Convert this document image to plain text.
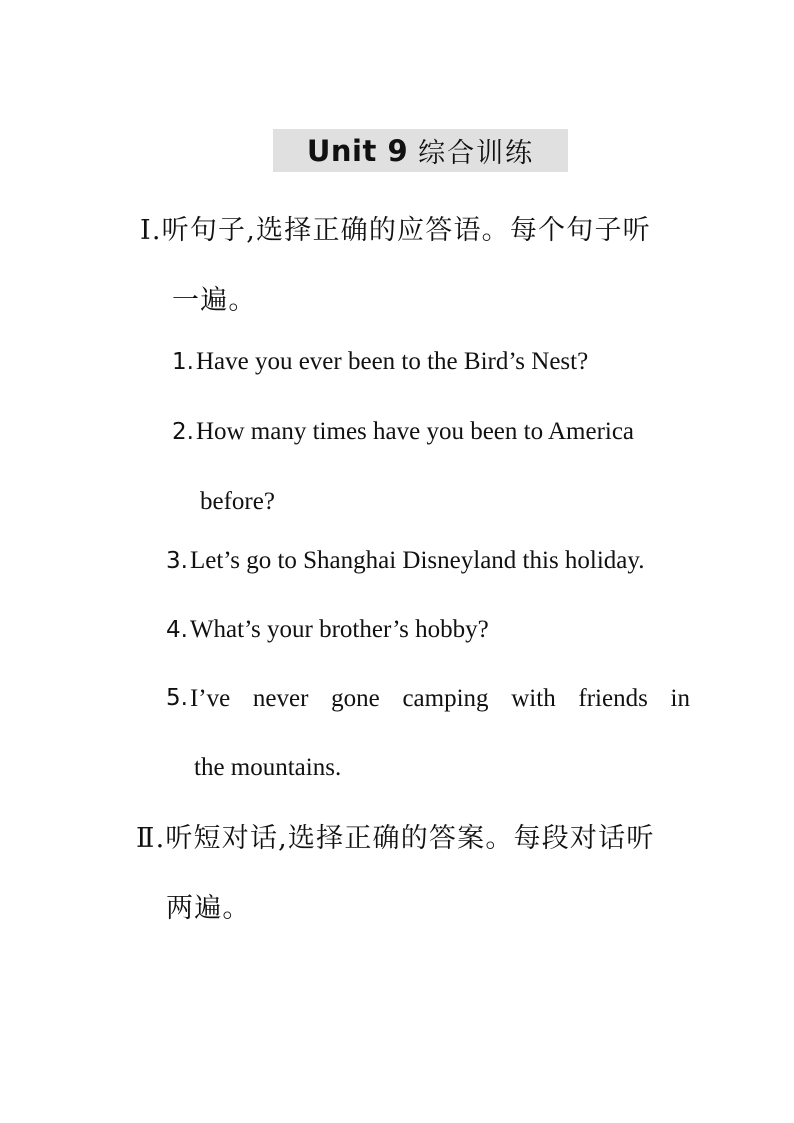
Unit 9 综合训练
Ⅰ.听句子,选择正确的应答语。每个句子听
一遍。
1.Have you ever been to the Bird’s Nest?
2.How many times have you been to America
before?
3.Let’s go to Shanghai Disneyland this holiday.
4.What’s your brother’s hobby?
5. I’ve never gone camping with friends in
the mountains.
Ⅱ.听短对话,选择正确的答案。每段对话听
两遍。
